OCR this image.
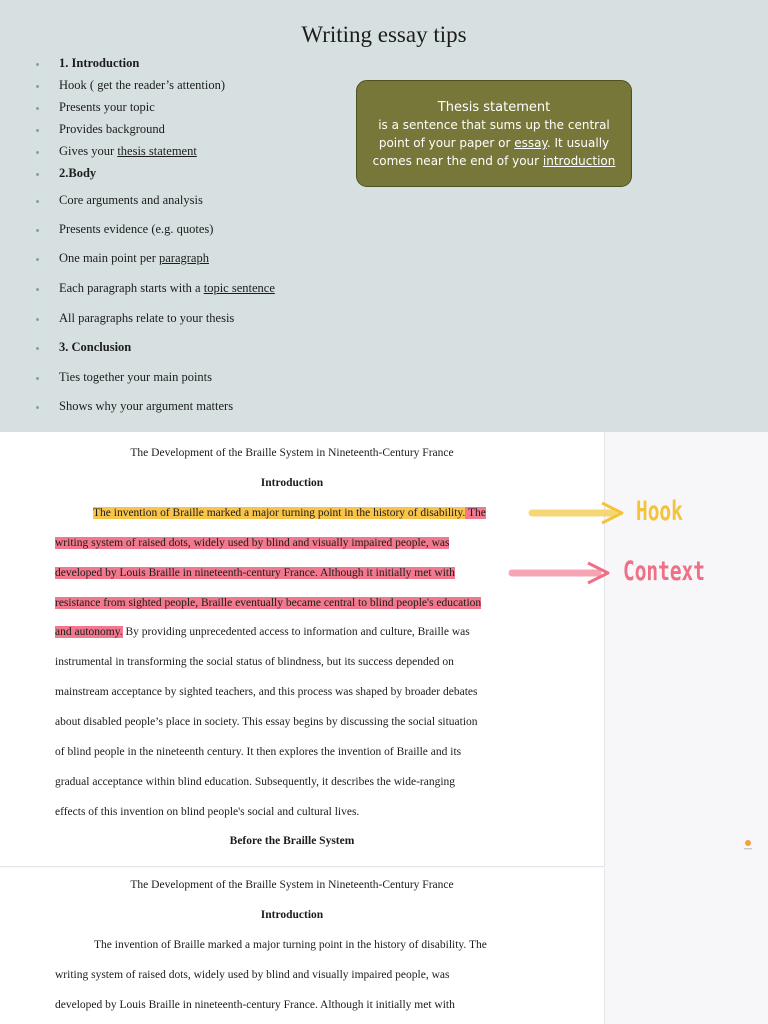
Writing essay tips
1. Introduction
Hook ( get the reader’s attention)
Presents your topic
Provides background
Gives your thesis statement
2.Body
Core arguments and analysis
Presents evidence (e.g. quotes)
One main point per paragraph
Each paragraph starts with a topic sentence
All paragraphs relate to your thesis
3. Conclusion
Ties together your main points
Shows why your argument matters
Thesis statement
is a sentence that sums up the central
point of your paper or essay. It usually
comes near the end of your introduction
The Development of the Braille System in Nineteenth-Century France
Introduction
The invention of Braille marked a major turning point in the history of disability. The
writing system of raised dots, widely used by blind and visually impaired people, was
developed by Louis Braille in nineteenth-century France. Although it initially met with
resistance from sighted people, Braille eventually became central to blind people's education
and autonomy. By providing unprecedented access to information and culture, Braille was
instrumental in transforming the social status of blindness, but its success depended on
mainstream acceptance by sighted teachers, and this process was shaped by broader debates
about disabled people’s place in society. This essay begins by discussing the social situation
of blind people in the nineteenth century. It then explores the invention of Braille and its
gradual acceptance within blind education. Subsequently, it describes the wide-ranging
effects of this invention on blind people's social and cultural lives.
Before the Braille System
Hook
Context
The Development of the Braille System in Nineteenth-Century France
Introduction
The invention of Braille marked a major turning point in the history of disability. The
writing system of raised dots, widely used by blind and visually impaired people, was
developed by Louis Braille in nineteenth-century France. Although it initially met with
